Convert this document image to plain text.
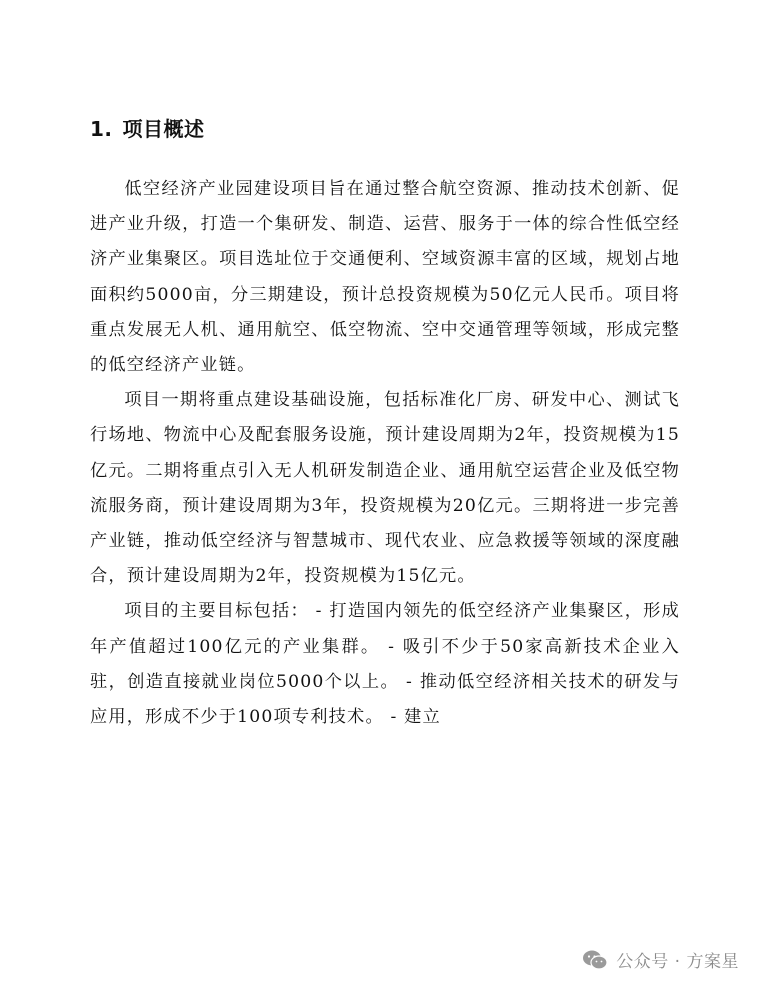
1. 项目概述

低空经济产业园建设项目旨在通过整合航空资源、推动技术创新、促进产业升级，打造一个集研发、制造、运营、服务于一体的综合性低空经济产业集聚区。项目选址位于交通便利、空域资源丰富的区域，规划占地面积约5000亩，分三期建设，预计总投资规模为50亿元人民币。项目将重点发展无人机、通用航空、低空物流、空中交通管理等领域，形成完整的低空经济产业链。

项目一期将重点建设基础设施，包括标准化厂房、研发中心、测试飞行场地、物流中心及配套服务设施，预计建设周期为2年，投资规模为15亿元。二期将重点引入无人机研发制造企业、通用航空运营企业及低空物流服务商，预计建设周期为3年，投资规模为20亿元。三期将进一步完善产业链，推动低空经济与智慧城市、现代农业、应急救援等领域的深度融合，预计建设周期为2年，投资规模为15亿元。

项目的主要目标包括： - 打造国内领先的低空经济产业集聚区，形成年产值超过100亿元的产业集群。 - 吸引不少于50家高新技术企业入驻，创造直接就业岗位5000个以上。 - 推动低空经济相关技术的研发与应用，形成不少于100项专利技术。 - 建立

公众号 · 方案星
